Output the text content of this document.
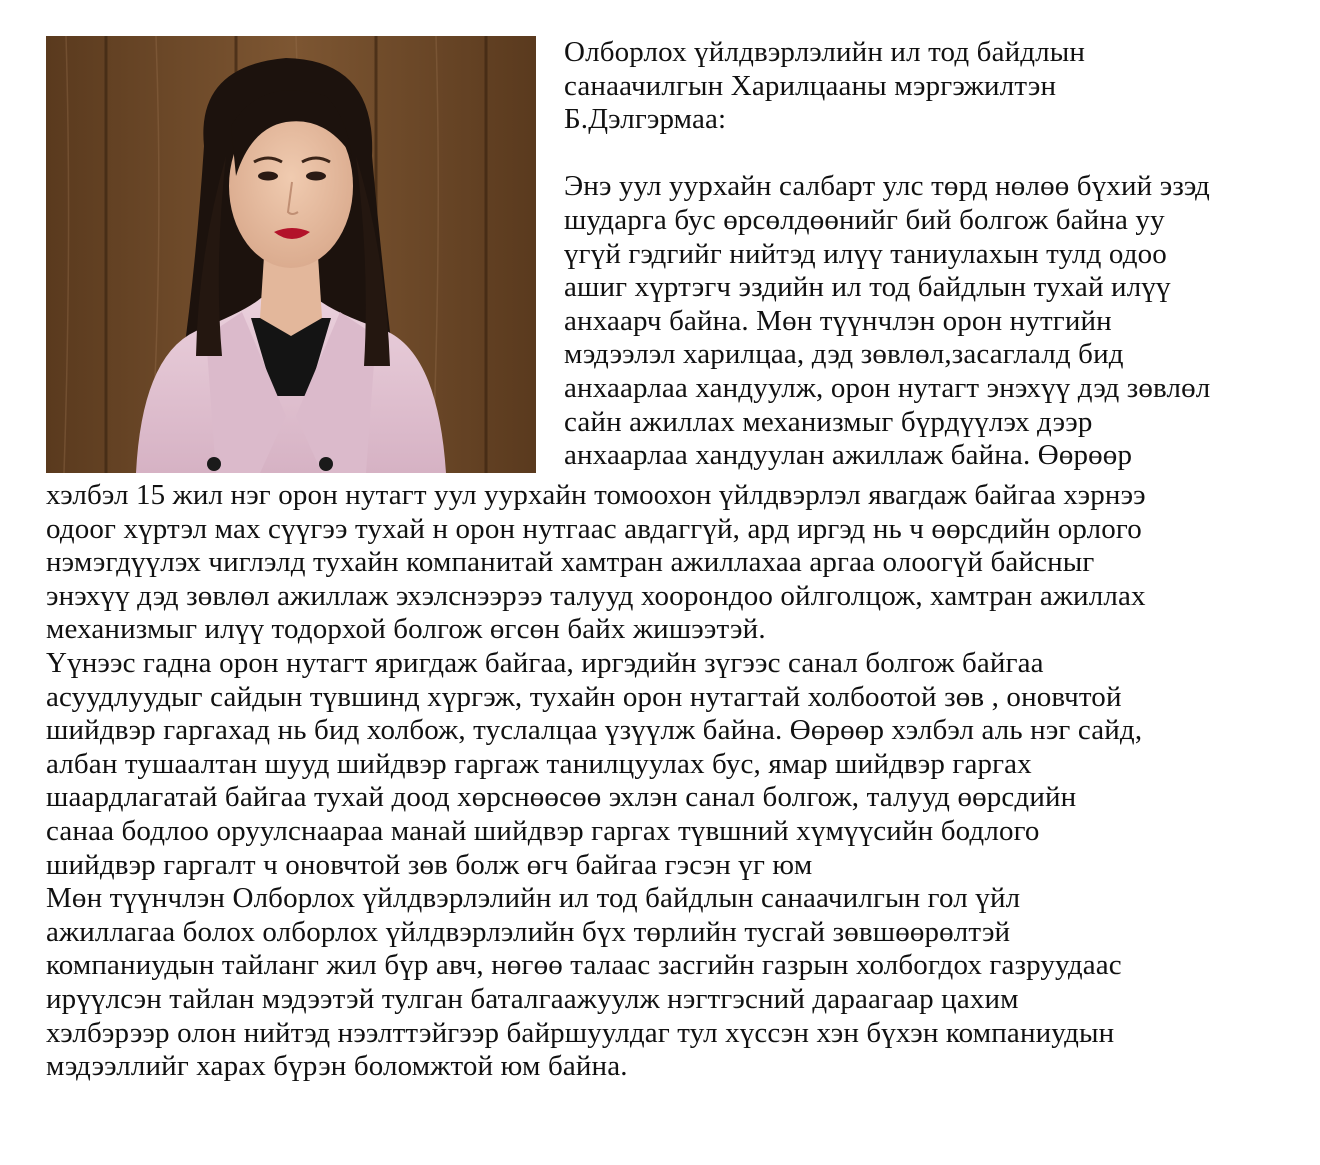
Олборлох үйлдвэрлэлийн ил тод байдлын
санаачилгын Харилцааны мэргэжилтэн
Б.Дэлгэрмаа:
Энэ уул уурхайн салбарт улс төрд нөлөө бүхий эзэд
шударга бус өрсөлдөөнийг бий болгож байна уу
үгүй гэдгийг нийтэд илүү таниулахын тулд одоо
ашиг хүртэгч эздийн ил тод байдлын тухай илүү
анхаарч байна. Мөн түүнчлэн орон нутгийн
мэдээлэл харилцаа, дэд зөвлөл,засаглалд бид
анхаарлаа хандуулж, орон нутагт энэхүү дэд зөвлөл
сайн ажиллах механизмыг бүрдүүлэх дээр
анхаарлаа хандуулан ажиллаж байна. Өөрөөр
хэлбэл 15 жил нэг орон нутагт уул уурхайн томоохон үйлдвэрлэл явагдаж байгаа хэрнээ
одоог хүртэл мах сүүгээ тухай н орон нутгаас авдаггүй, ард иргэд нь ч өөрсдийн орлого
нэмэгдүүлэх чиглэлд тухайн компанитай хамтран ажиллахаа аргаа олоогүй байсныг
энэхүү дэд зөвлөл ажиллаж эхэлснээрээ талууд хоорондоо ойлголцож, хамтран ажиллах
механизмыг илүү тодорхой болгож өгсөн байх жишээтэй.
Үүнээс гадна орон нутагт яригдаж байгаа, иргэдийн зүгээс санал болгож байгаа
асуудлуудыг сайдын түвшинд хүргэж, тухайн орон нутагтай холбоотой зөв , оновчтой
шийдвэр гаргахад нь бид холбож, туслалцаа үзүүлж байна. Өөрөөр хэлбэл аль нэг сайд,
албан тушаалтан шууд шийдвэр гаргаж танилцуулах бус, ямар шийдвэр гаргах
шаардлагатай байгаа тухай доод хөрснөөсөө эхлэн санал болгож, талууд өөрсдийн
санаа бодлоо оруулснаараа манай шийдвэр гаргах түвшний хүмүүсийн бодлого
шийдвэр гаргалт ч оновчтой зөв болж өгч байгаа гэсэн үг юм
Мөн түүнчлэн Олборлох үйлдвэрлэлийн ил тод байдлын санаачилгын гол үйл
ажиллагаа болох олборлох үйлдвэрлэлийн бүх төрлийн тусгай зөвшөөрөлтэй
компаниудын тайланг жил бүр авч, нөгөө талаас засгийн газрын холбогдох газруудаас
ирүүлсэн тайлан мэдээтэй тулган баталгаажуулж нэгтгэсний дараагаар цахим
хэлбэрээр олон нийтэд нээлттэйгээр байршуулдаг тул хүссэн хэн бүхэн компаниудын
мэдээллийг харах бүрэн боломжтой юм байна.
